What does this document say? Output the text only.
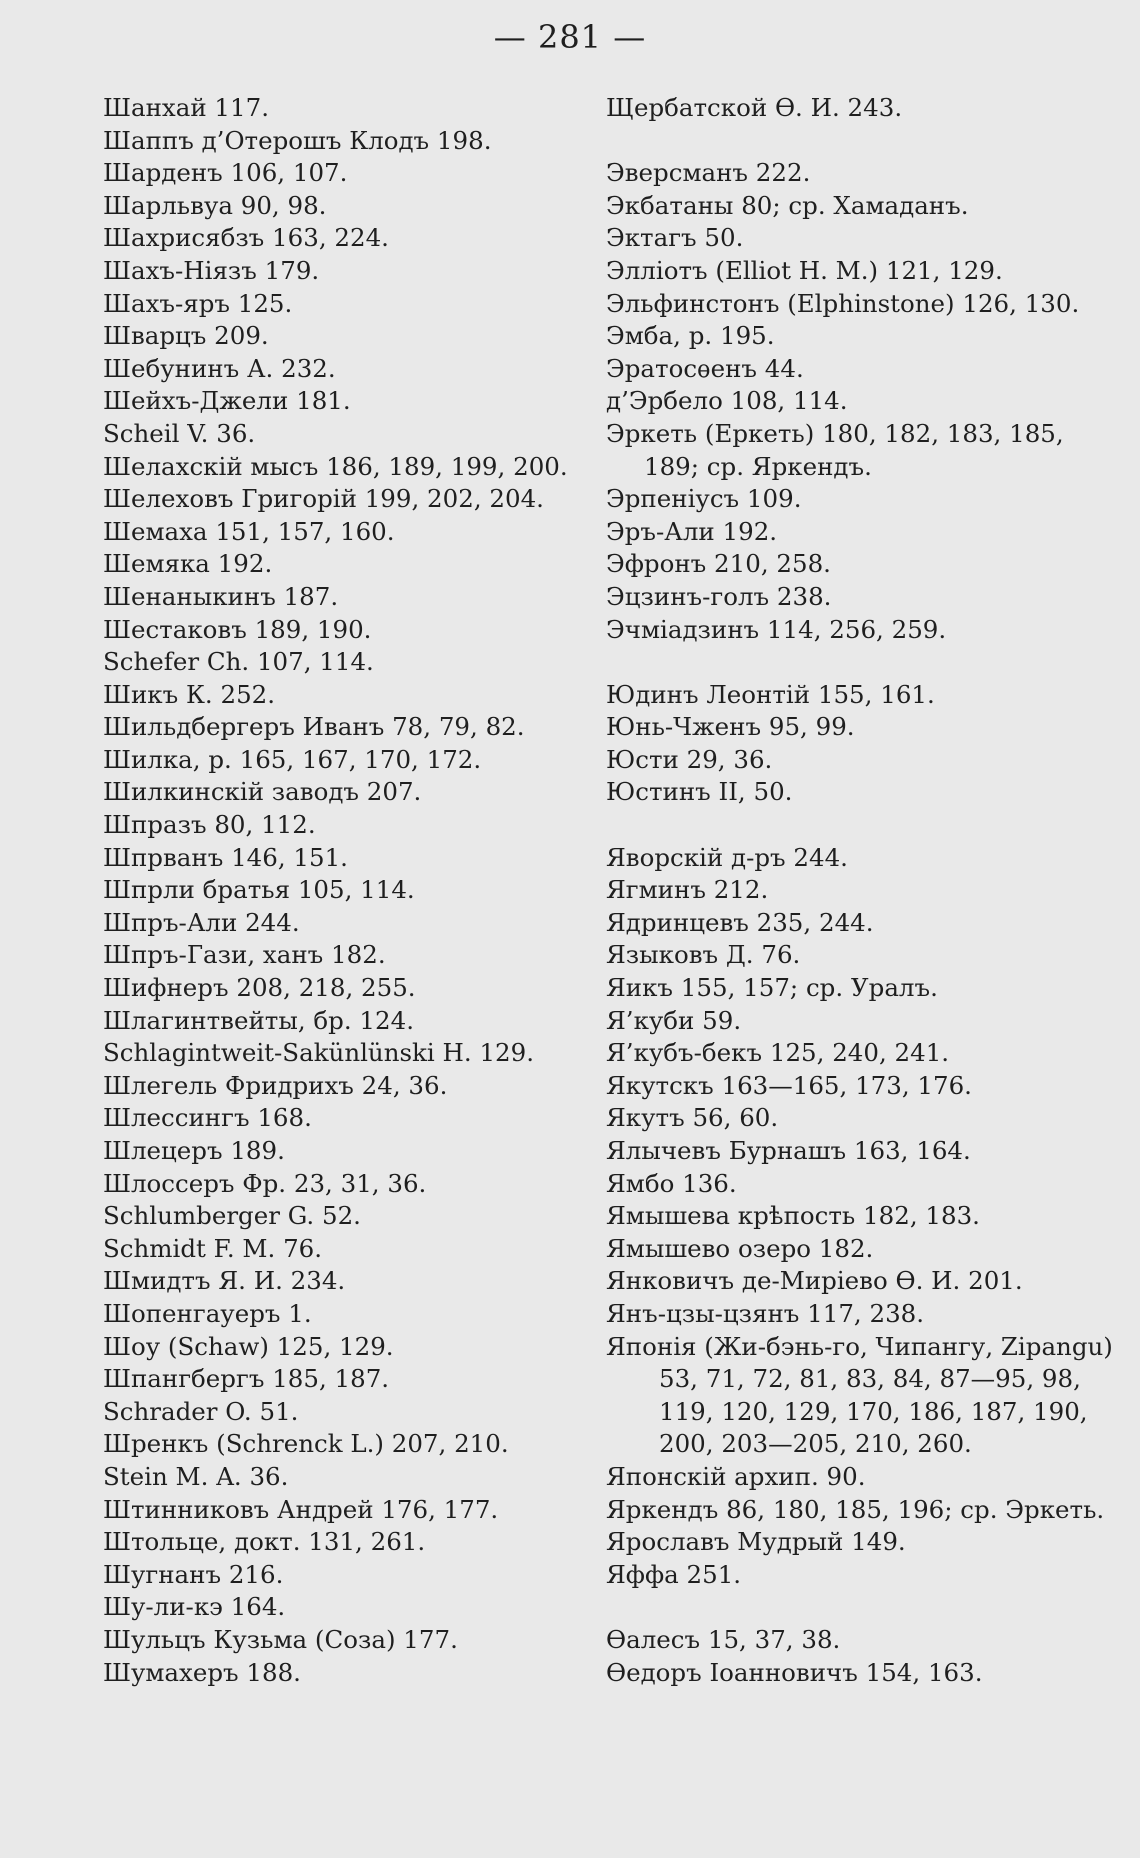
— 281 —
Шанхай 117.
Шаппъ д’Отерошъ Клодъ 198.
Шарденъ 106, 107.
Шарльвуа 90, 98.
Шахрисябзъ 163, 224.
Шахъ-Ніязъ 179.
Шахъ-яръ 125.
Шварцъ 209.
Шебунинъ А. 232.
Шейхъ-Джели 181.
Scheil V. 36.
Шелахскій мысъ 186, 189, 199, 200.
Шелеховъ Григорій 199, 202, 204.
Шемаха 151, 157, 160.
Шемяка 192.
Шенаныкинъ 187.
Шестаковъ 189, 190.
Schefer Ch. 107, 114.
Шикъ К. 252.
Шильдбергеръ Иванъ 78, 79, 82.
Шилка, р. 165, 167, 170, 172.
Шилкинскій заводъ 207.
Шпразъ 80, 112.
Шпрванъ 146, 151.
Шпрли братья 105, 114.
Шпръ-Али 244.
Шпръ-Гази, ханъ 182.
Шифнеръ 208, 218, 255.
Шлагинтвейты, бр. 124.
Schlagintweit-Sakünlünski H. 129.
Шлегель Фридрихъ 24, 36.
Шлессингъ 168.
Шлецеръ 189.
Шлоссеръ Фр. 23, 31, 36.
Schlumberger G. 52.
Schmidt F. M. 76.
Шмидтъ Я. И. 234.
Шопенгауеръ 1.
Шоу (Schaw) 125, 129.
Шпангбергъ 185, 187.
Schrader O. 51.
Шренкъ (Schrenck L.) 207, 210.
Stein M. A. 36.
Штинниковъ Андрей 176, 177.
Штольце, докт. 131, 261.
Шугнанъ 216.
Шу-ли-кэ 164.
Шульцъ Кузьма (Соза) 177.
Шумахеръ 188.
Щербатской Ѳ. И. 243.
Эверсманъ 222.
Экбатаны 80; ср. Хамаданъ.
Эктагъ 50.
Эллiотъ (Elliot H. M.) 121, 129.
Эльфинстонъ (Elphinstone) 126, 130.
Эмба, р. 195.
Эратосѳенъ 44.
д’Эрбело 108, 114.
Эркеть (Еркеть) 180, 182, 183, 185,
189; ср. Яркендъ.
Эрпеніусъ 109.
Эръ-Али 192.
Эфронъ 210, 258.
Эцзинъ-голъ 238.
Эчміадзинъ 114, 256, 259.
Юдинъ Леонтій 155, 161.
Юнь-Чженъ 95, 99.
Юсти 29, 36.
Юстинъ II, 50.
Яворскій д-ръ 244.
Ягминъ 212.
Ядринцевъ 235, 244.
Языковъ Д. 76.
Яикъ 155, 157; ср. Уралъ.
Я’куби 59.
Я’кубъ-бекъ 125, 240, 241.
Якутскъ 163—165, 173, 176.
Якутъ 56, 60.
Ялычевъ Бурнашъ 163, 164.
Ямбо 136.
Ямышева крѣпость 182, 183.
Ямышево озеро 182.
Янковичъ де-Миріево Ѳ. И. 201.
Янъ-цзы-цзянъ 117, 238.
Японія (Жи-бэнь-го, Чипангу, Zipangu)
53, 71, 72, 81, 83, 84, 87—95, 98,
119, 120, 129, 170, 186, 187, 190,
200, 203—205, 210, 260.
Японскій архип. 90.
Яркендъ 86, 180, 185, 196; ср. Эркеть.
Ярославъ Мудрый 149.
Яффа 251.
Ѳалесъ 15, 37, 38.
Ѳедоръ Іоанновичъ 154, 163.
